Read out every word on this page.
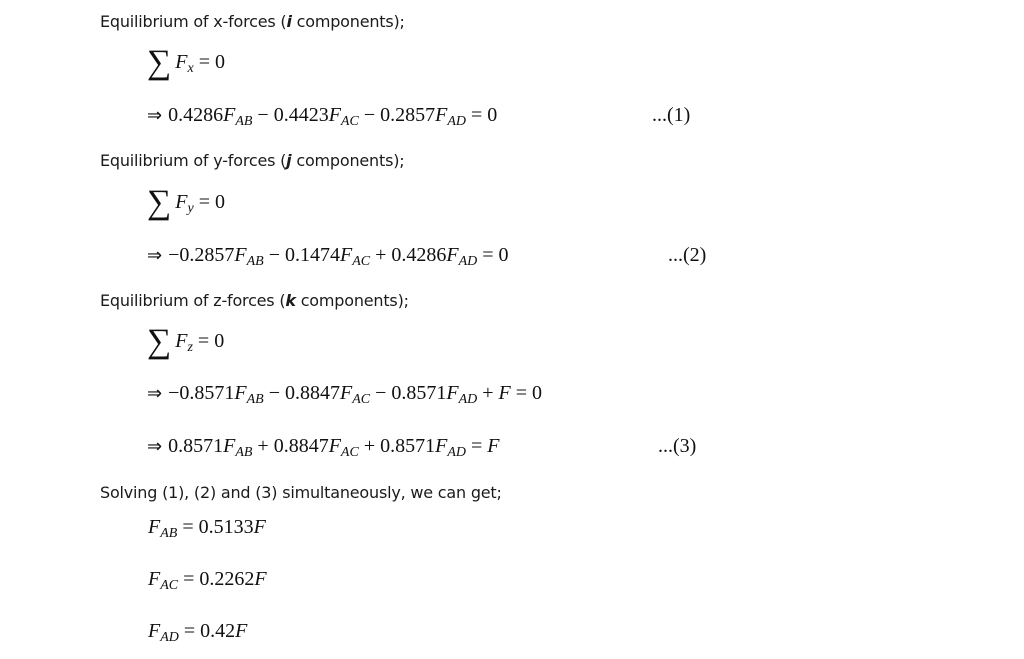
Equilibrium of x-forces (i components);
∑ $F_x = 0$
⇒ $0.4286F_{AB} - 0.4423F_{AC} - 0.2857F_{AD} = 0$	...(1)
Equilibrium of y-forces (j components);
∑ $F_y = 0$
⇒ $-0.2857F_{AB} - 0.1474F_{AC} + 0.4286F_{AD} = 0$	...(2)
Equilibrium of z-forces (k components);
∑ $F_z = 0$
⇒ $-0.8571F_{AB} - 0.8847F_{AC} - 0.8571F_{AD} + F = 0$
⇒ $0.8571F_{AB} + 0.8847F_{AC} + 0.8571F_{AD} = F$	...(3)
Solving (1), (2) and (3) simultaneously, we can get;
$F_{AB} = 0.5133F$
$F_{AC} = 0.2262F$
$F_{AD} = 0.42F$
